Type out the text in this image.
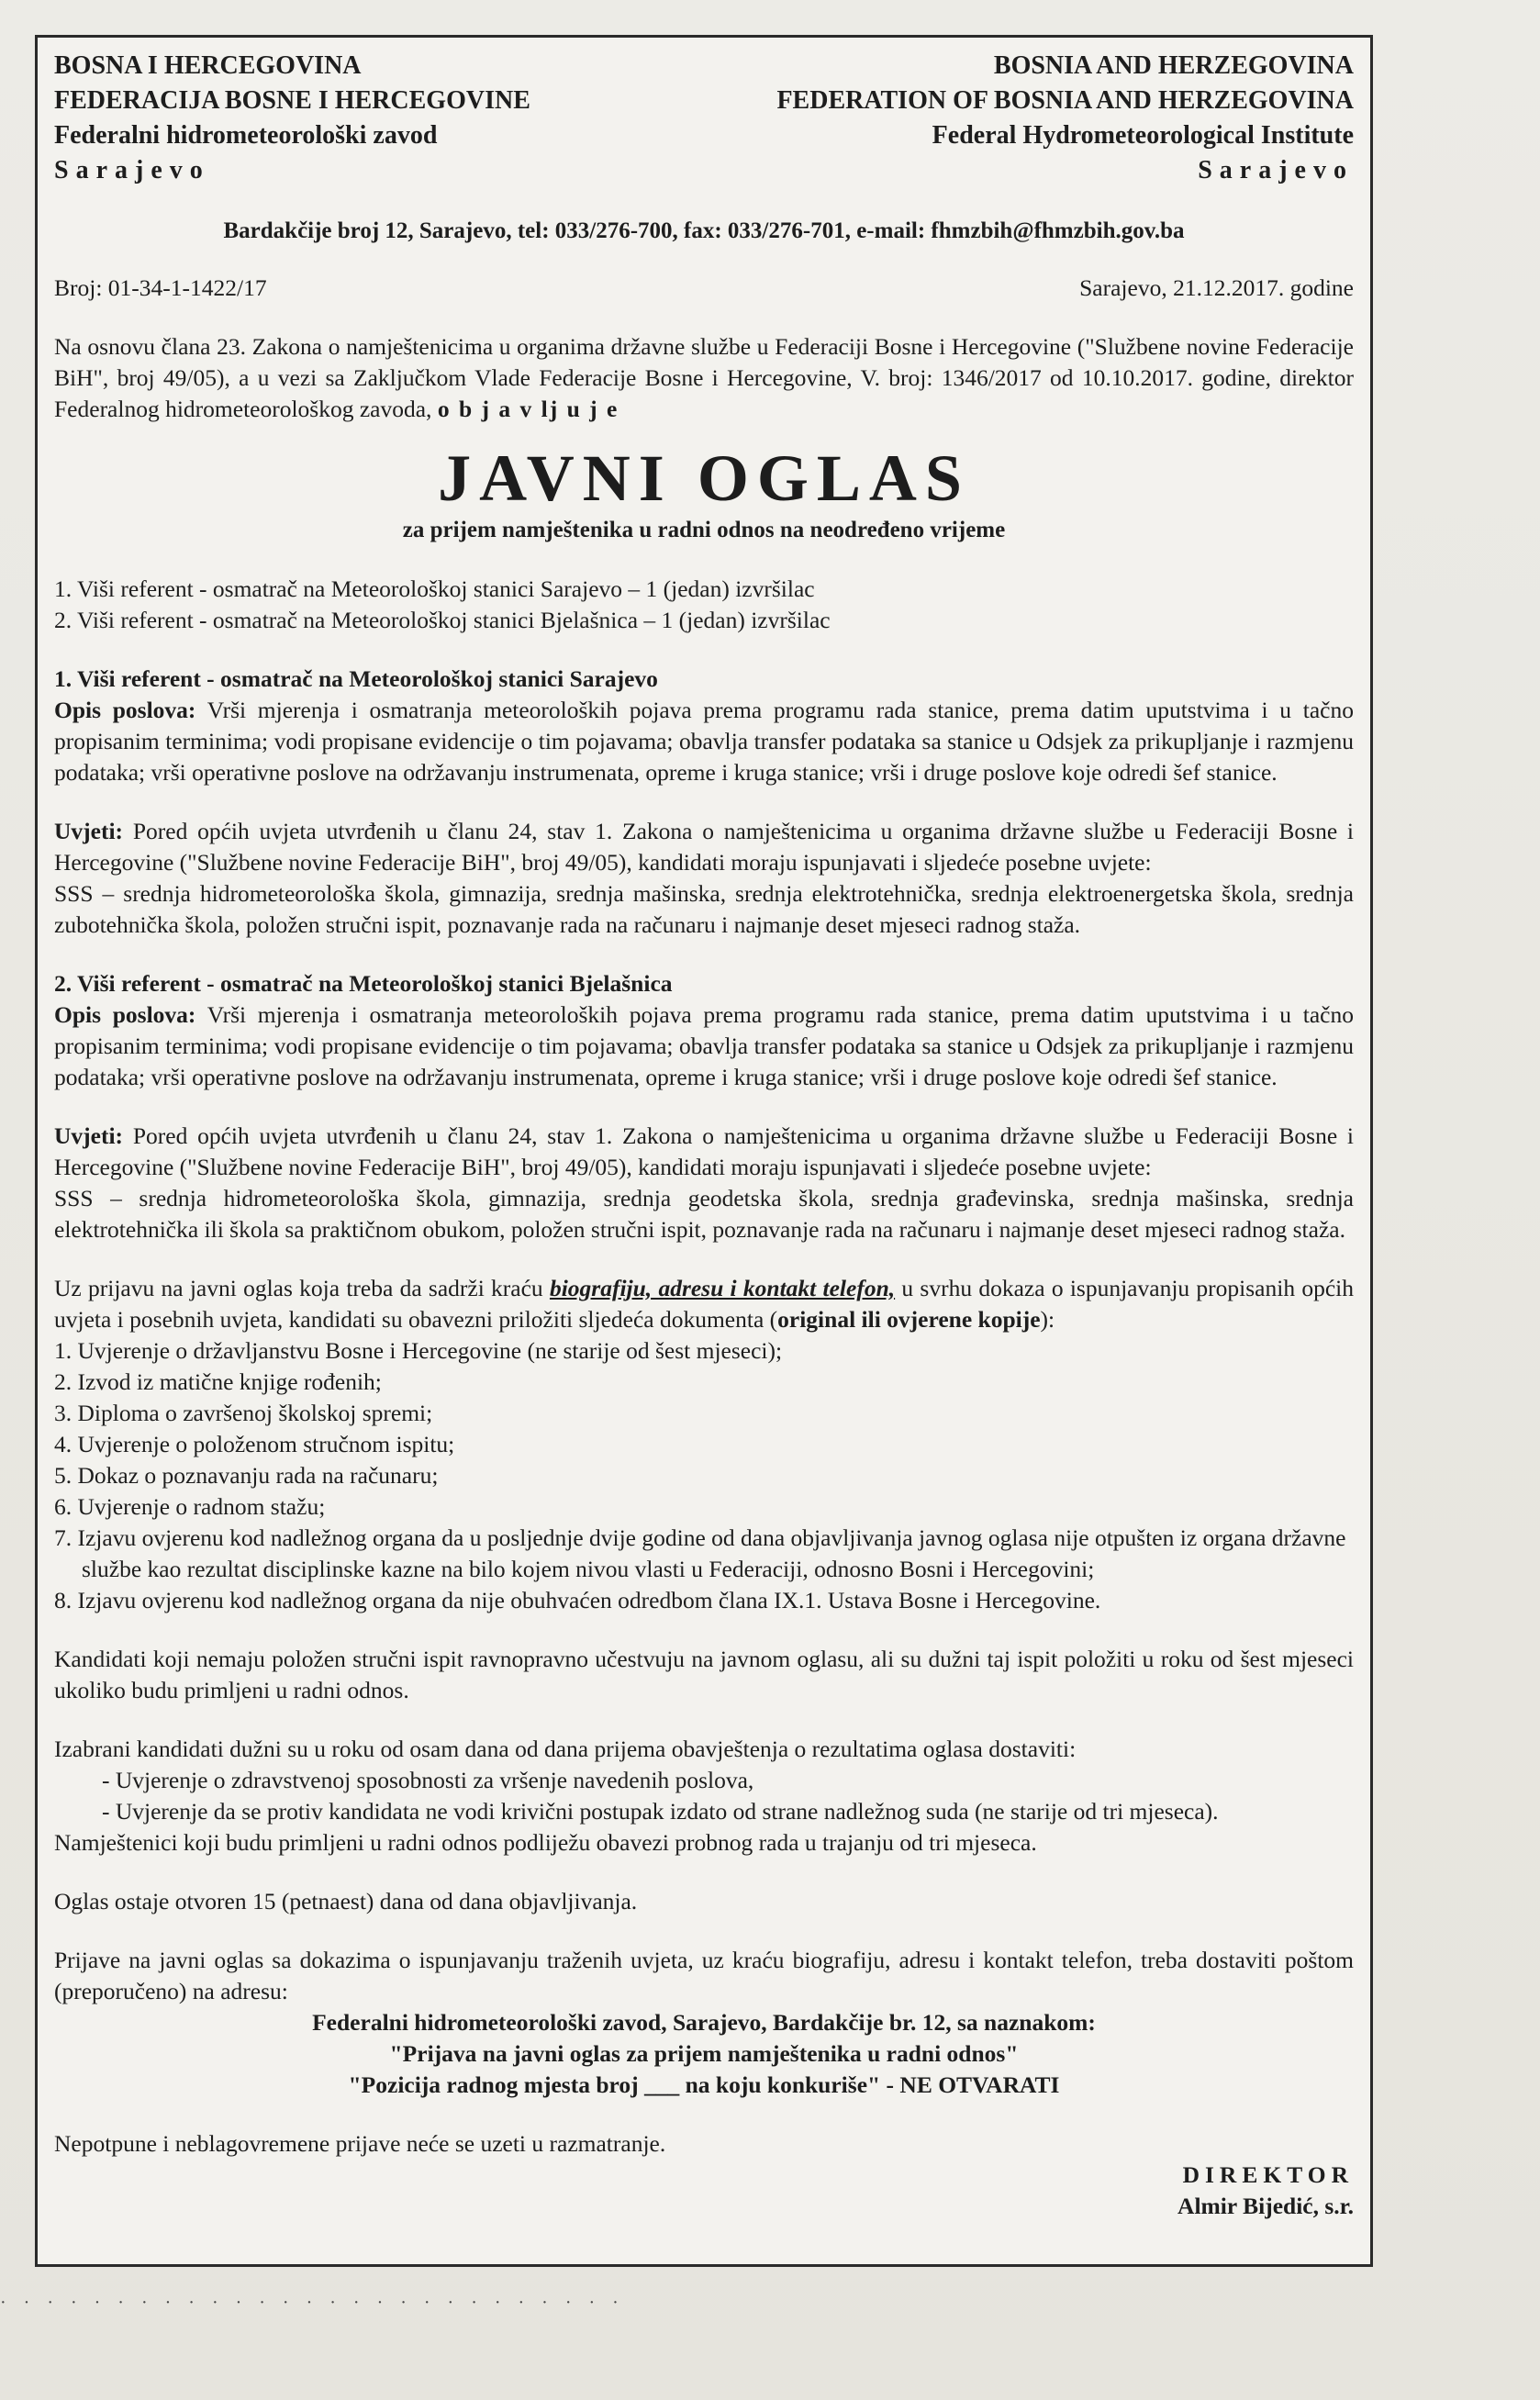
BOSNA I HERCEGOVINA
FEDERACIJA BOSNE I HERCEGOVINE
Federalni hidrometeorološki zavod
Sarajevo
BOSNIA AND HERZEGOVINA
FEDERATION OF BOSNIA AND HERZEGOVINA
Federal Hydrometeorological Institute
Sarajevo
Bardakčije broj 12, Sarajevo, tel: 033/276-700, fax: 033/276-701, e-mail: fhmzbih@fhmzbih.gov.ba
Broj: 01-34-1-1422/17	Sarajevo, 21.12.2017. godine

Na osnovu člana 23. Zakona o namještenicima u organima državne službe u Federaciji Bosne i Hercegovine ("Službene novine Federacije BiH", broj 49/05), a u vezi sa Zaključkom Vlade Federacije Bosne i Hercegovine, V. broj: 1346/2017 od 10.10.2017. godine, direktor Federalnog hidrometeorološkog zavoda, o b j a v lj u j e

JAVNI OGLAS
za prijem namještenika u radni odnos na neodređeno vrijeme
1. Viši referent - osmatrač na Meteorološkoj stanici Sarajevo – 1 (jedan) izvršilac
2. Viši referent - osmatrač na Meteorološkoj stanici Bjelašnica – 1 (jedan) izvršilac
1. Viši referent - osmatrač na Meteorološkoj stanici Sarajevo

Opis poslova: Vrši mjerenja i osmatranja meteoroloških pojava prema programu rada stanice, prema datim uputstvima i u tačno propisanim terminima; vodi propisane evidencije o tim pojavama; obavlja transfer podataka sa stanice u Odsjek za prikupljanje i razmjenu podataka; vrši operativne poslove na održavanju instrumenata, opreme i kruga stanice; vrši i druge poslove koje odredi šef stanice.

Uvjeti: Pored općih uvjeta utvrđenih u članu 24, stav 1. Zakona o namještenicima u organima državne službe u Federaciji Bosne i Hercegovine ("Službene novine Federacije BiH", broj 49/05), kandidati moraju ispunjavati i sljedeće posebne uvjete:

SSS – srednja hidrometeorološka škola, gimnazija, srednja mašinska, srednja elektrotehnička, srednja elektroenergetska škola, srednja zubotehnička škola, položen stručni ispit, poznavanje rada na računaru i najmanje deset mjeseci radnog staža.

2. Viši referent - osmatrač na Meteorološkoj stanici Bjelašnica

Opis poslova: Vrši mjerenja i osmatranja meteoroloških pojava prema programu rada stanice, prema datim uputstvima i u tačno propisanim terminima; vodi propisane evidencije o tim pojavama; obavlja transfer podataka sa stanice u Odsjek za prikupljanje i razmjenu podataka; vrši operativne poslove na održavanju instrumenata, opreme i kruga stanice; vrši i druge poslove koje odredi šef stanice.

Uvjeti: Pored općih uvjeta utvrđenih u članu 24, stav 1. Zakona o namještenicima u organima državne službe u Federaciji Bosne i Hercegovine ("Službene novine Federacije BiH", broj 49/05), kandidati moraju ispunjavati i sljedeće posebne uvjete:

SSS – srednja hidrometeorološka škola, gimnazija, srednja geodetska škola, srednja građevinska, srednja mašinska, srednja elektrotehnička ili škola sa praktičnom obukom, položen stručni ispit, poznavanje rada na računaru i najmanje deset mjeseci radnog staža.

Uz prijavu na javni oglas koja treba da sadrži kraću biografiju, adresu i kontakt telefon, u svrhu dokaza o ispunjavanju propisanih općih uvjeta i posebnih uvjeta, kandidati su obavezni priložiti sljedeća dokumenta (original ili ovjerene kopije):

1. Uvjerenje o državljanstvu Bosne i Hercegovine (ne starije od šest mjeseci);
2. Izvod iz matične knjige rođenih;
3. Diploma o završenoj školskoj spremi;
4. Uvjerenje o položenom stručnom ispitu;
5. Dokaz o poznavanju rada na računaru;
6. Uvjerenje o radnom stažu;
7. Izjavu ovjerenu kod nadležnog organa da u posljednje dvije godine od dana objavljivanja javnog oglasa nije otpušten iz organa državne službe kao rezultat disciplinske kazne na bilo kojem nivou vlasti u Federaciji, odnosno Bosni i Hercegovini;
8. Izjavu ovjerenu kod nadležnog organa da nije obuhvaćen odredbom člana IX.1. Ustava Bosne i Hercegovine.

Kandidati koji nemaju položen stručni ispit ravnopravno učestvuju na javnom oglasu, ali su dužni taj ispit položiti u roku od šest mjeseci ukoliko budu primljeni u radni odnos.

Izabrani kandidati dužni su u roku od osam dana od dana prijema obavještenja o rezultatima oglasa dostaviti:

- Uvjerenje o zdravstvenoj sposobnosti za vršenje navedenih poslova,
- Uvjerenje da se protiv kandidata ne vodi krivični postupak izdato od strane nadležnog suda (ne starije od tri mjeseca).

Namještenici koji budu primljeni u radni odnos podliježu obavezi probnog rada u trajanju od tri mjeseca.

Oglas ostaje otvoren 15 (petnaest) dana od dana objavljivanja.

Prijave na javni oglas sa dokazima o ispunjavanju traženih uvjeta, uz kraću biografiju, adresu i kontakt telefon, treba dostaviti poštom (preporučeno) na adresu:

Federalni hidrometeorološki zavod, Sarajevo, Bardakčije br. 12, sa naznakom:
"Prijava na javni oglas za prijem namještenika u radni odnos"
"Pozicija radnog mjesta broj ___ na koju konkuriše" - NE OTVARATI

Nepotpune i neblagovremene prijave neće se uzeti u razmatranje.

DIREKTOR
Almir Bijedić, s.r.
· · · · · · · · · · · · · · · · · · · · · · · · · · ·
